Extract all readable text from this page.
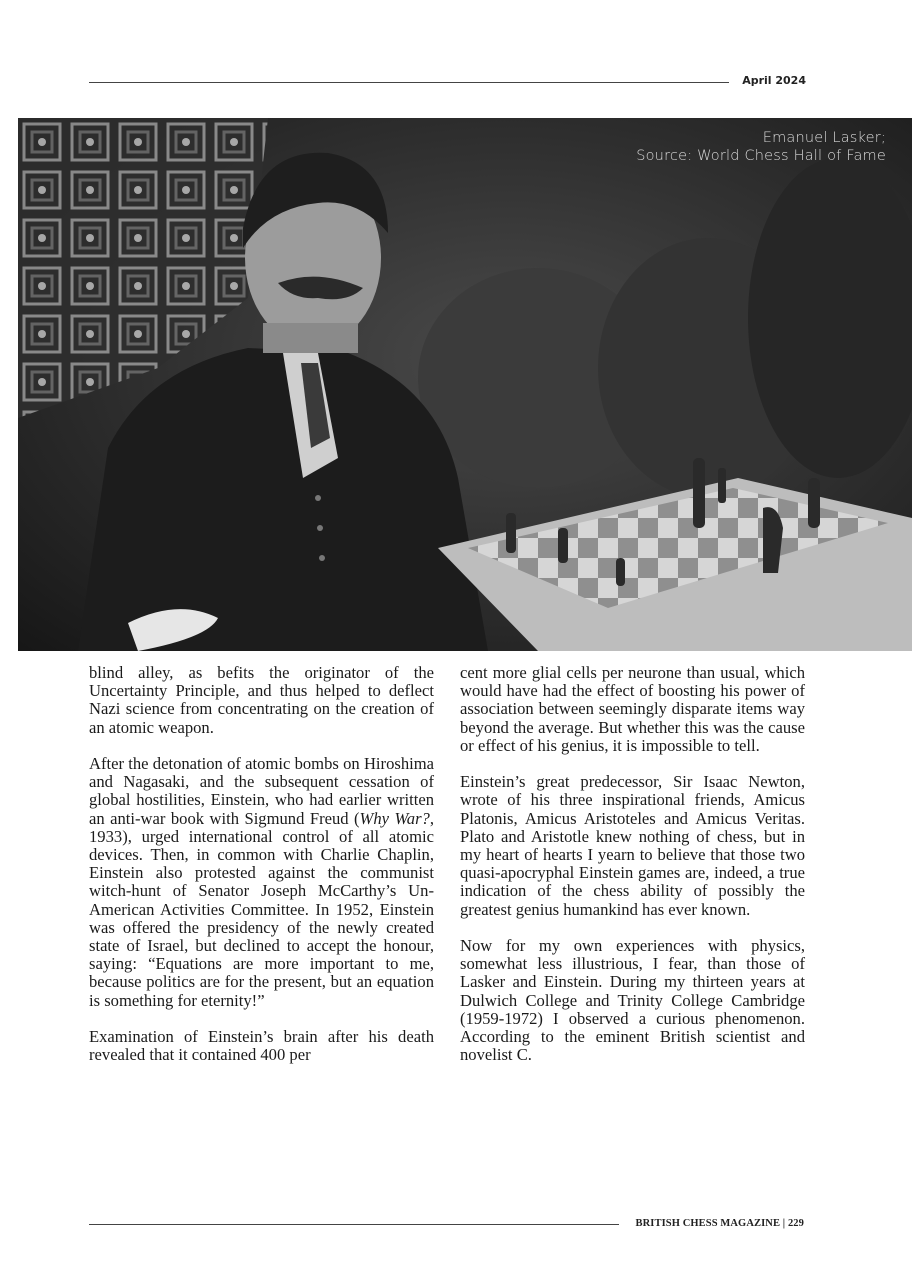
April 2024
Emanuel Lasker;
Source: World Chess Hall of Fame

blind alley, as befits the originator of the Uncertainty Principle, and thus helped to deflect Nazi science from concentrating on the creation of an atomic weapon.

After the detonation of atomic bombs on Hiroshima and Nagasaki, and the subsequent cessation of global hostilities, Einstein, who had earlier written an anti-war book with Sigmund Freud (Why War?, 1933), urged international control of all atomic devices. Then, in common with Charlie Chaplin, Einstein also protested against the communist witch-hunt of Senator Joseph McCarthy’s Un-American Activities Committee. In 1952, Einstein was offered the presidency of the newly created state of Israel, but declined to accept the honour, saying: “Equations are more important to me, because politics are for the present, but an equation is something for eternity!”

Examination of Einstein’s brain after his death revealed that it contained 400 per

cent more glial cells per neurone than usual, which would have had the effect of boosting his power of association between seemingly disparate items way beyond the average. But whether this was the cause or effect of his genius, it is impossible to tell.

Einstein’s great predecessor, Sir Isaac Newton, wrote of his three inspirational friends, Amicus Platonis, Amicus Aristoteles and Amicus Veritas. Plato and Aristotle knew nothing of chess, but in my heart of hearts I yearn to believe that those two quasi-apocryphal Einstein games are, indeed, a true indication of the chess ability of possibly the greatest genius humankind has ever known.

Now for my own experiences with physics, somewhat less illustrious, I fear, than those of Lasker and Einstein. During my thirteen years at Dulwich College and Trinity College Cambridge (1959-1972) I observed a curious phenomenon. According to the eminent British scientist and novelist C.

BRITISH CHESS MAGAZINE | 229
